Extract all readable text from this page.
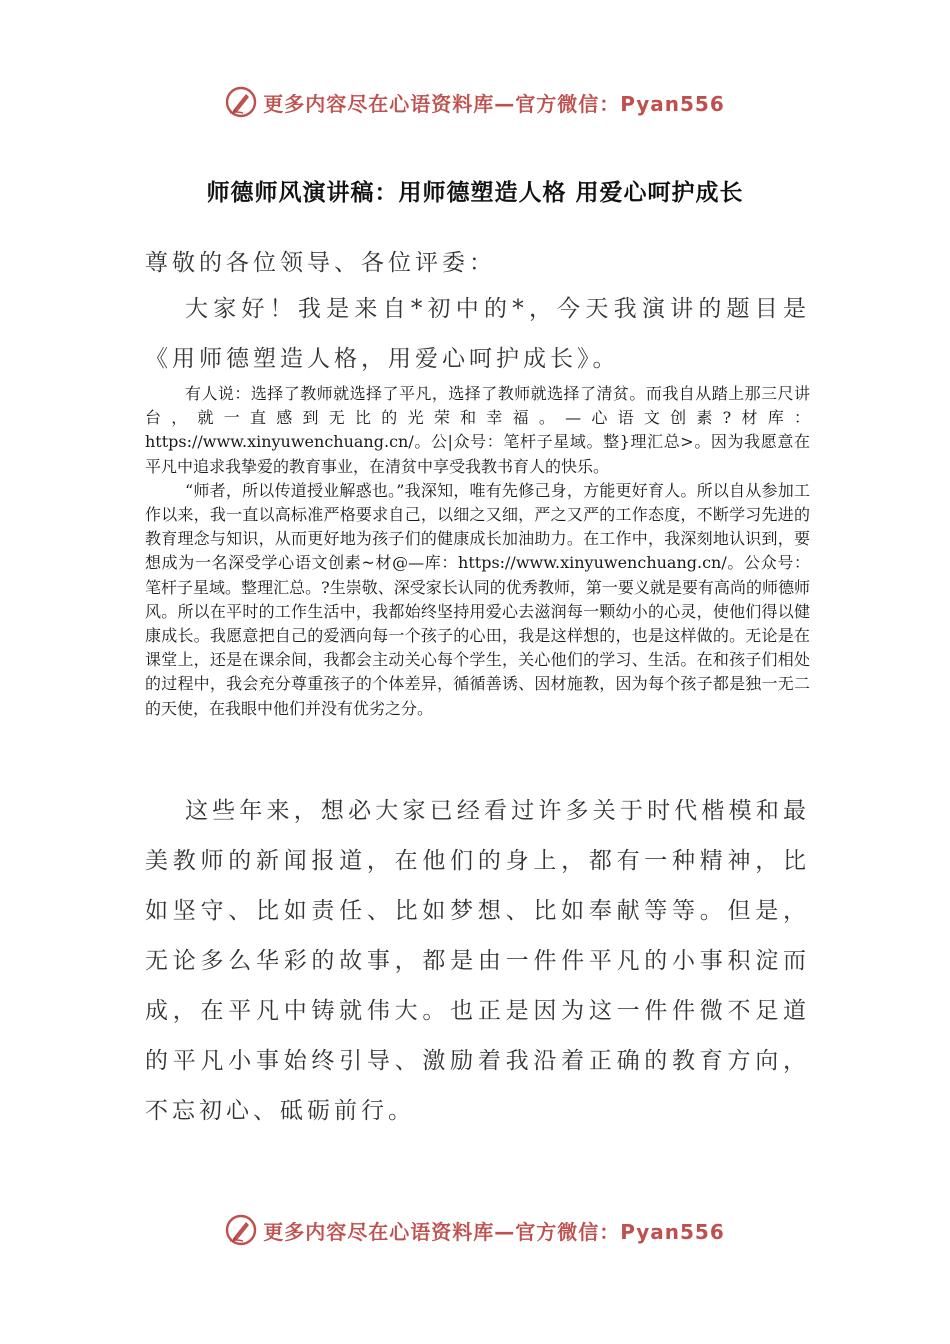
更多内容尽在心语资料库—官方微信：Pyan556
师德师风演讲稿：用师德塑造人格 用爱心呵护成长

尊敬的各位领导、各位评委：

大家好！我是来自*初中的*，今天我演讲的题目是《用师德塑造人格，用爱心呵护成长》。

有人说：选择了教师就选择了平凡，选择了教师就选择了清贫。而我自从踏上那三尺讲台，就一直感到无比的光荣和幸福。—心语文创素?材库：https://www.xinyuwenchuang.cn/。公|众号：笔杆子星域。整}理汇总>。因为我愿意在平凡中追求我挚爱的教育事业，在清贫中享受我教书育人的快乐。

“师者，所以传道授业解惑也。”我深知，唯有先修己身，方能更好育人。所以自从参加工作以来，我一直以高标准严格要求自己，以细之又细，严之又严的工作态度，不断学习先进的教育理念与知识，从而更好地为孩子们的健康成长加油助力。在工作中，我深刻地认识到，要想成为一名深受学心语文创素~材@—库：https://www.xinyuwenchuang.cn/。公众号：笔杆子星域。整理汇总。?生崇敬、深受家长认同的优秀教师，第一要义就是要有高尚的师德师风。所以在平时的工作生活中，我都始终坚持用爱心去滋润每一颗幼小的心灵，使他们得以健康成长。我愿意把自己的爱洒向每一个孩子的心田，我是这样想的，也是这样做的。无论是在课堂上，还是在课余间，我都会主动关心每个学生，关心他们的学习、生活。在和孩子们相处的过程中，我会充分尊重孩子的个体差异，循循善诱、因材施教，因为每个孩子都是独一无二的天使，在我眼中他们并没有优劣之分。

这些年来，想必大家已经看过许多关于时代楷模和最美教师的新闻报道，在他们的身上，都有一种精神，比如坚守、比如责任、比如梦想、比如奉献等等。但是，无论多么华彩的故事，都是由一件件平凡的小事积淀而成，在平凡中铸就伟大。也正是因为这一件件微不足道的平凡小事始终引导、激励着我沿着正确的教育方向，不忘初心、砥砺前行。

更多内容尽在心语资料库—官方微信：Pyan556
